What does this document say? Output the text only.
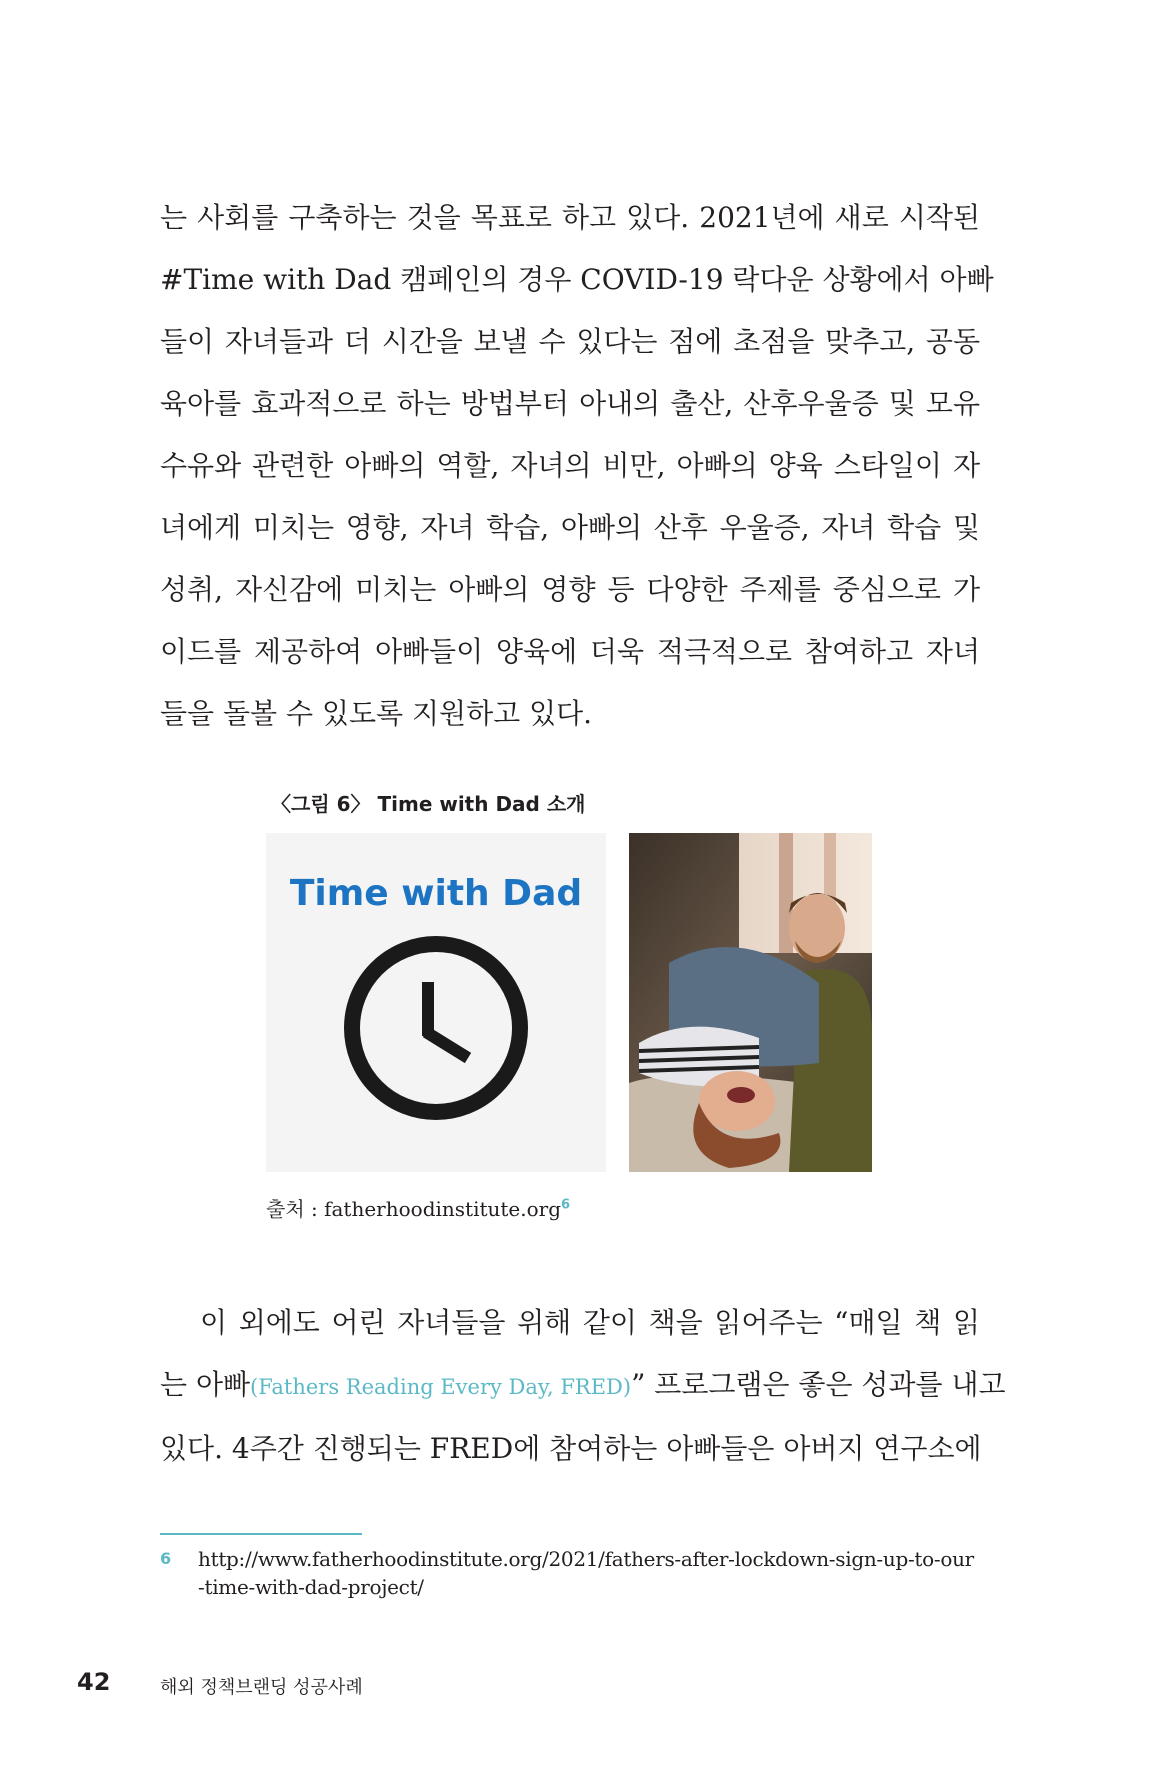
는 사회를 구축하는 것을 목표로 하고 있다. 2021년에 새로 시작된
#Time with Dad 캠페인의 경우 COVID-19 락다운 상황에서 아빠
들이 자녀들과 더 시간을 보낼 수 있다는 점에 초점을 맞추고, 공동
육아를 효과적으로 하는 방법부터 아내의 출산, 산후우울증 및 모유
수유와 관련한 아빠의 역할, 자녀의 비만, 아빠의 양육 스타일이 자
녀에게 미치는 영향, 자녀 학습, 아빠의 산후 우울증, 자녀 학습 및
성취, 자신감에 미치는 아빠의 영향 등 다양한 주제를 중심으로 가
이드를 제공하여 아빠들이 양육에 더욱 적극적으로 참여하고 자녀
들을 돌볼 수 있도록 지원하고 있다.
〈그림 6〉 Time with Dad 소개
Time with Dad
출처 : fatherhoodinstitute.org$^6$
이 외에도 어린 자녀들을 위해 같이 책을 읽어주는 “매일 책 읽
는 아빠(Fathers Reading Every Day, FRED)” 프로그램은 좋은 성과를 내고
있다. 4주간 진행되는 FRED에 참여하는 아빠들은 아버지 연구소에
6 http://www.fatherhoodinstitute.org/2021/fathers-after-lockdown-sign-up-to-our-time-with-dad-project/
42	해외 정책브랜딩 성공사례
